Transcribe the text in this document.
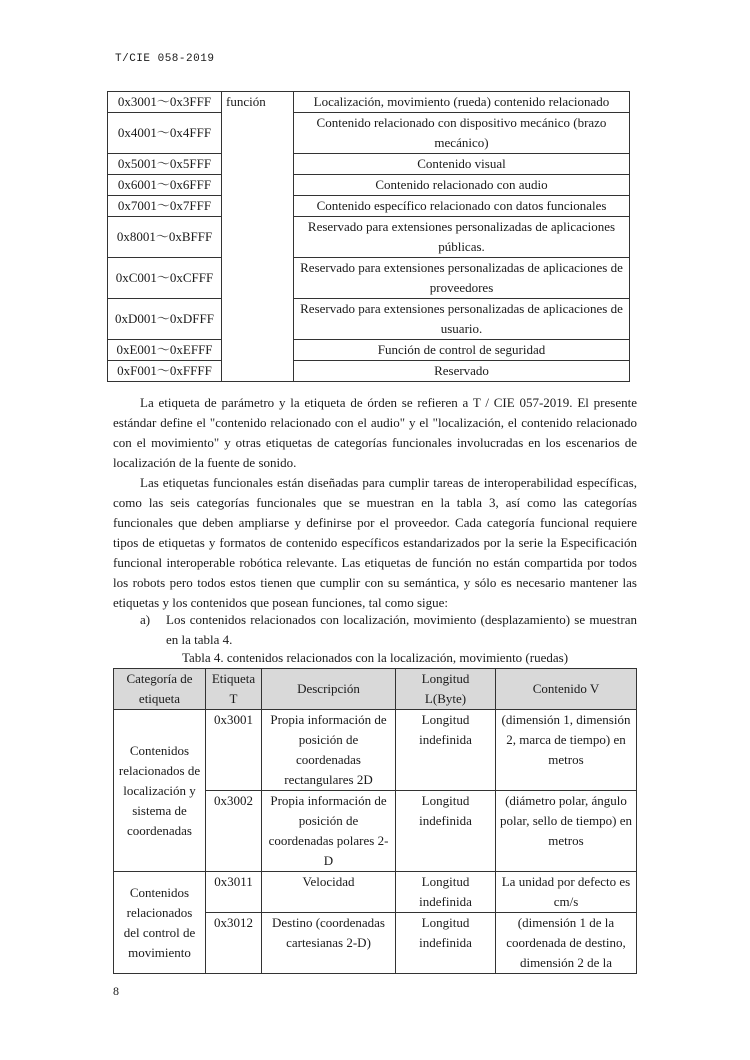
T/CIE 058-2019
0x3001～0x3FFF	función	Localización, movimiento (rueda) contenido relacionado
0x4001～0x4FFF		Contenido relacionado con dispositivo mecánico (brazo mecánico)
0x5001～0x5FFF		Contenido visual
0x6001～0x6FFF		Contenido relacionado con audio
0x7001～0x7FFF		Contenido específico relacionado con datos funcionales
0x8001～0xBFFF		Reservado para extensiones personalizadas de aplicaciones públicas.
0xC001～0xCFFF		Reservado para extensiones personalizadas de aplicaciones de proveedores
0xD001～0xDFFF		Reservado para extensiones personalizadas de aplicaciones de usuario.
0xE001～0xEFFF		Función de control de seguridad
0xF001～0xFFFF		Reservado

La etiqueta de parámetro y la etiqueta de órden se refieren a T / CIE 057-2019. El presente estándar define el "contenido relacionado con el audio" y el "localización, el contenido relacionado con el movimiento" y otras etiquetas de categorías funcionales involucradas en los escenarios de localización de la fuente de sonido.

Las etiquetas funcionales están diseñadas para cumplir tareas de interoperabilidad específicas, como las seis categorías funcionales que se muestran en la tabla 3, así como las categorías funcionales que deben ampliarse y definirse por el proveedor. Cada categoría funcional requiere tipos de etiquetas y formatos de contenido específicos estandarizados por la serie la Especificación funcional interoperable robótica relevante. Las etiquetas de función no están compartida por todos los robots pero todos estos tienen que cumplir con su semántica, y sólo es necesario mantener las etiquetas y los contenidos que posean funciones, tal como sigue:

a) Los contenidos relacionados con localización, movimiento (desplazamiento) se muestran en la tabla 4.
Tabla 4. contenidos relacionados con la localización, movimiento (ruedas)
Categoría de etiqueta	Etiqueta T	Descripción	Longitud L(Byte)	Contenido V
Contenidos relacionados de localización y sistema de coordenadas	0x3001	Propia información de posición de coordenadas rectangulares 2D	Longitud indefinida	(dimensión 1, dimensión 2, marca de tiempo) en metros
	0x3002	Propia información de posición de coordenadas polares 2-D	Longitud indefinida	(diámetro polar, ángulo polar, sello de tiempo) en metros
Contenidos relacionados del control de movimiento	0x3011	Velocidad	Longitud indefinida	La unidad por defecto es cm/s
	0x3012	Destino (coordenadas cartesianas 2-D)	Longitud indefinida	(dimensión 1 de la coordenada de destino, dimensión 2 de la
8
